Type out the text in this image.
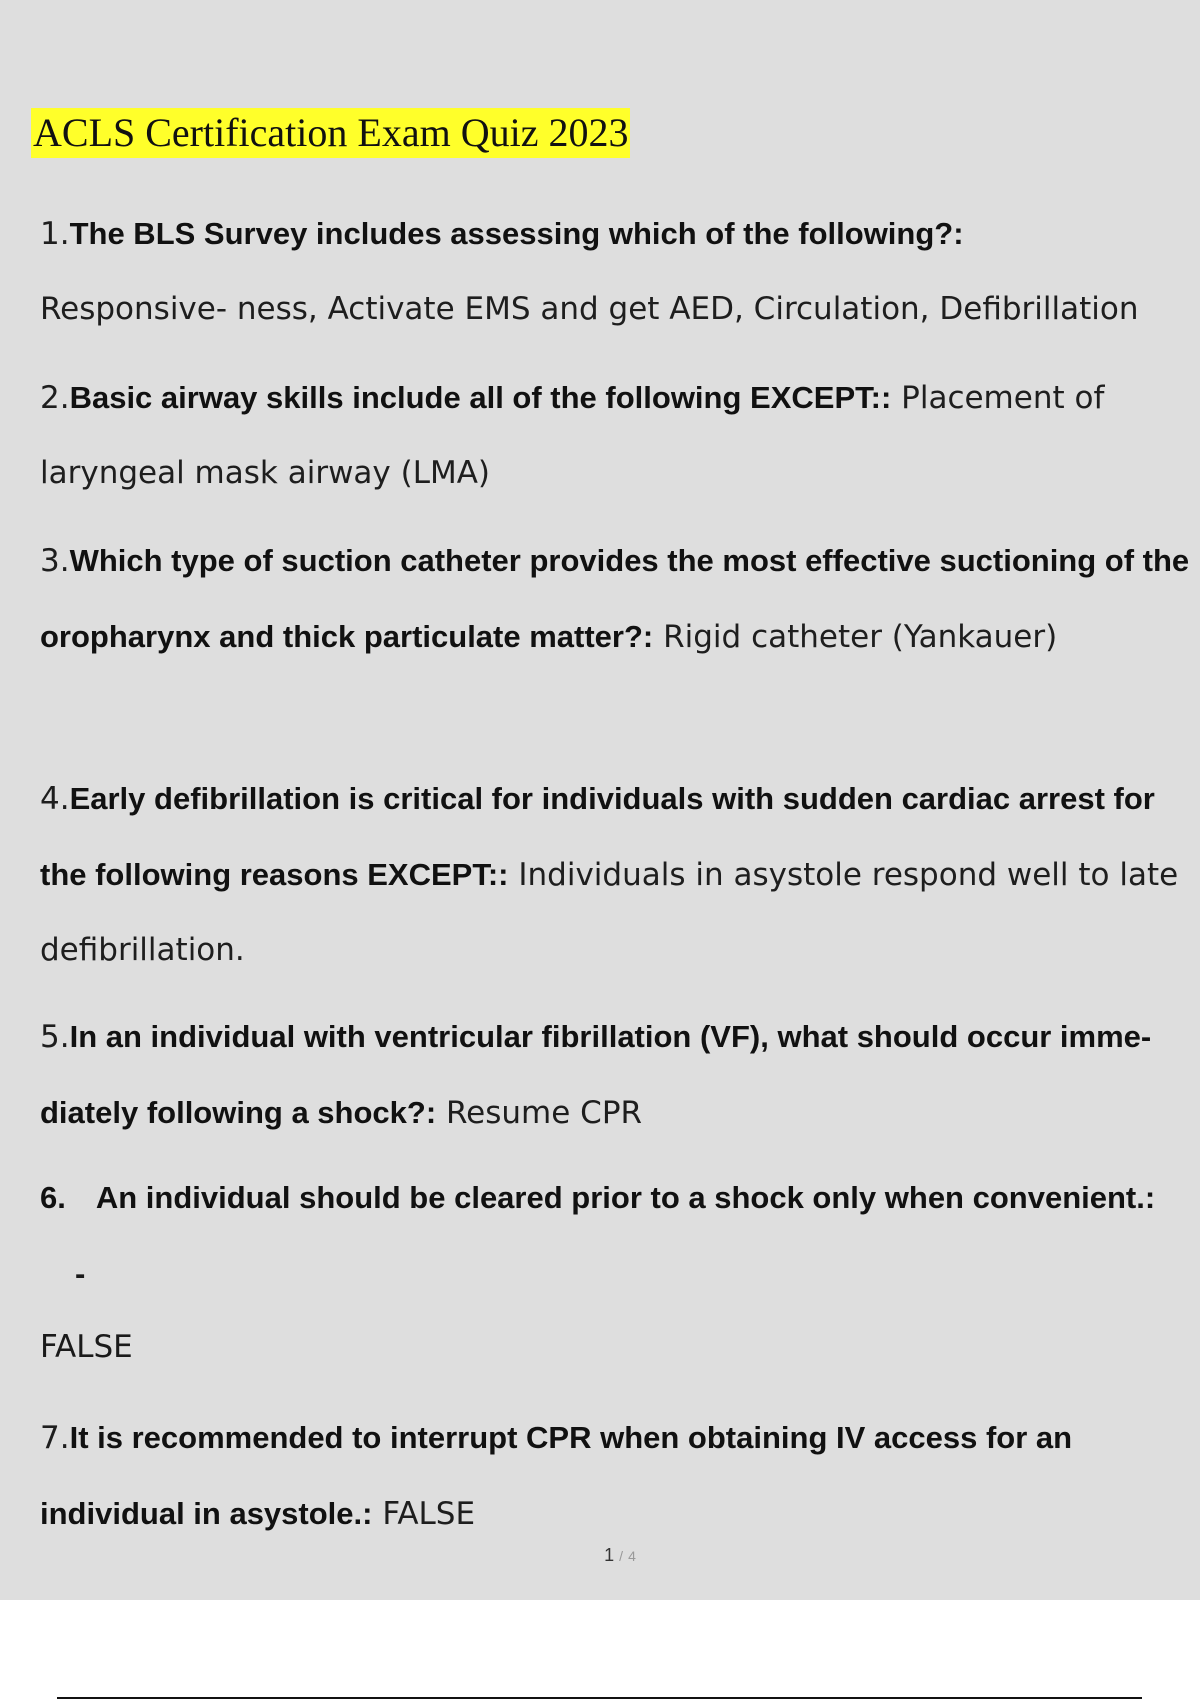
ACLS Certification Exam Quiz 2023
1.The BLS Survey includes assessing which of the following?:
Responsive- ness, Activate EMS and get AED, Circulation, Defibrillation
2.Basic airway skills include all of the following EXCEPT:: Placement of laryngeal mask airway (LMA)
3.Which type of suction catheter provides the most effective suctioning of the oropharynx and thick particulate matter?: Rigid catheter (Yankauer)
4.Early defibrillation is critical for individuals with sudden cardiac arrest for the following reasons EXCEPT:: Individuals in asystole respond well to late defibrillation.
5.In an individual with ventricular fibrillation (VF), what should occur imme- diately following a shock?: Resume CPR
6. An individual should be cleared prior to a shock only when convenient.:
-
FALSE
7.It is recommended to interrupt CPR when obtaining IV access for an individual in asystole.: FALSE
1 / 4
